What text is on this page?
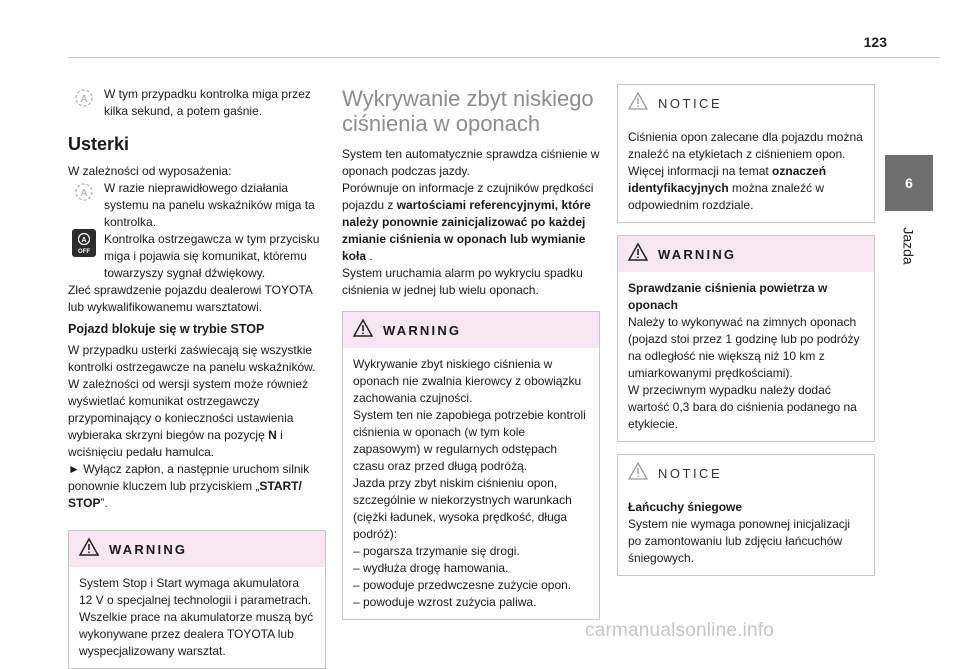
123
6
Jazda
A W tym przypadku kontrolka miga przez kilka sekund, a potem gaśnie.

Usterki

W zależności od wyposażenia:

A W razie nieprawidłowego działania systemu na panelu wskaźników miga ta kontrolka.

A
OFF

Kontrolka ostrzegawcza w tym przycisku miga i pojawia się komunikat, któremu towarzyszy sygnał dźwiękowy.

Zleć sprawdzenie pojazdu dealerowi TOYOTA lub wykwalifikowanemu warsztatowi.

Pojazd blokuje się w trybie STOP

W przypadku usterki zaświecają się wszystkie kontrolki ostrzegawcze na panelu wskaźników.

W zależności od wersji system może również wyświetlać komunikat ostrzegawczy przypominający o konieczności ustawienia wybieraka skrzyni biegów na pozycję N i wciśnięciu pedału hamulca.

► Wyłącz zapłon, a następnie uruchom silnik ponownie kluczem lub przyciskiem „START/ STOP”.

WARNING

System Stop i Start wymaga akumulatora 12 V o specjalnej technologii i parametrach. Wszelkie prace na akumulatorze muszą być wykonywane przez dealera TOYOTA lub wyspecjalizowany warsztat.

Wykrywanie zbyt niskiego ciśnienia w oponach

System ten automatycznie sprawdza ciśnienie w oponach podczas jazdy.

Porównuje on informacje z czujników prędkości pojazdu z wartościami referencyjnymi, które należy ponownie zainicjalizować po każdej zmianie ciśnienia w oponach lub wymianie koła .

System uruchamia alarm po wykryciu spadku ciśnienia w jednej lub wielu oponach.

WARNING

Wykrywanie zbyt niskiego ciśnienia w oponach nie zwalnia kierowcy z obowiązku zachowania czujności.

System ten nie zapobiega potrzebie kontroli ciśnienia w oponach (w tym kole zapasowym) w regularnych odstępach czasu oraz przed długą podróżą.

Jazda przy zbyt niskim ciśnieniu opon, szczególnie w niekorzystnych warunkach (ciężki ładunek, wysoka prędkość, długa podróż):

– pogarsza trzymanie się drogi.

– wydłuża drogę hamowania.

– powoduje przedwczesne zużycie opon.

– powoduje wzrost zużycia paliwa.

NOTICE

Ciśnienia opon zalecane dla pojazdu można znaleźć na etykietach z ciśnieniem opon. Więcej informacji na temat oznaczeń identyfikacyjnych można znaleźć w odpowiednim rozdziale.

WARNING

Sprawdzanie ciśnienia powietrza w oponach

Należy to wykonywać na zimnych oponach (pojazd stoi przez 1 godzinę lub po podróży na odległość nie większą niż 10 km z umiarkowanymi prędkościami).

W przeciwnym wypadku należy dodać wartość 0,3 bara do ciśnienia podanego na etykiecie.

NOTICE

Łańcuchy śniegowe

System nie wymaga ponownej inicjalizacji po zamontowaniu lub zdjęciu łańcuchów śniegowych.

carmanualsonline.info
